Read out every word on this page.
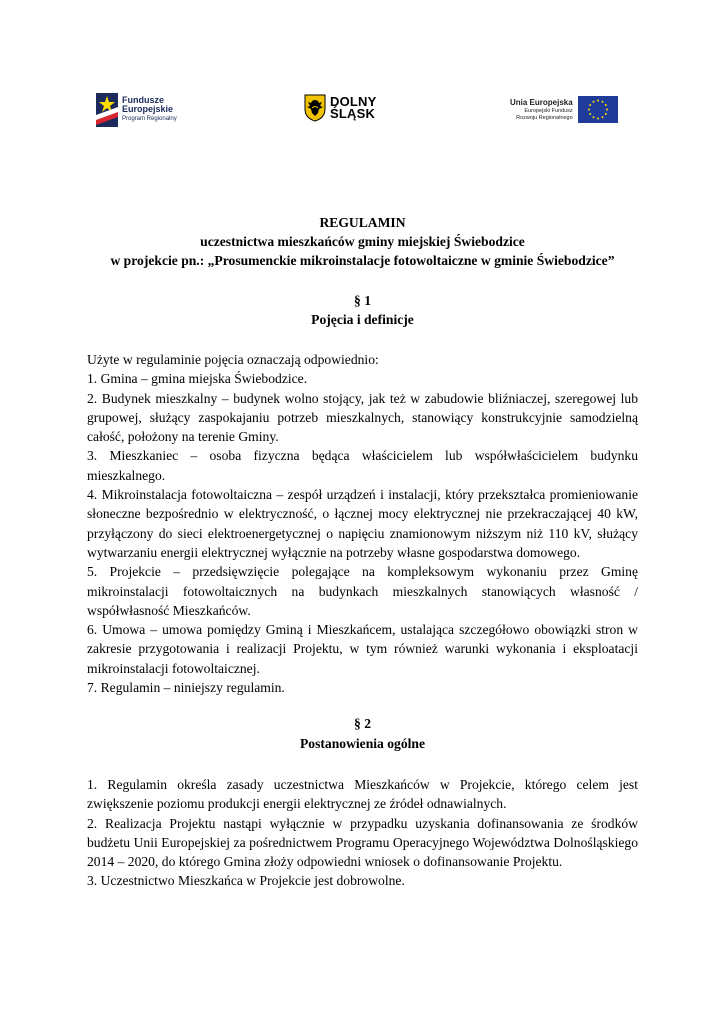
Fundusze
Europejskie
Program Regionalny
DOLNY
ŚLĄSK
Unia Europejska
Europejski Fundusz
Rozwoju Regionalnego
REGULAMIN
uczestnictwa mieszkańców gminy miejskiej Świebodzice
w projekcie pn.: „Prosumenckie mikroinstalacje fotowoltaiczne w gminie Świebodzice”
§ 1
Pojęcia i definicje

Użyte w regulaminie pojęcia oznaczają odpowiednio:

1. Gmina – gmina miejska Świebodzice.

2. Budynek mieszkalny – budynek wolno stojący, jak też w zabudowie bliźniaczej, szeregowej lub grupowej, służący zaspokajaniu potrzeb mieszkalnych, stanowiący konstrukcyjnie samodzielną całość, położony na terenie Gminy.

3. Mieszkaniec – osoba fizyczna będąca właścicielem lub współwłaścicielem budynku mieszkalnego.

4. Mikroinstalacja fotowoltaiczna – zespół urządzeń i instalacji, który przekształca promieniowanie słoneczne bezpośrednio w elektryczność, o łącznej mocy elektrycznej nie przekraczającej 40 kW, przyłączony do sieci elektroenergetycznej o napięciu znamionowym niższym niż 110 kV, służący wytwarzaniu energii elektrycznej wyłącznie na potrzeby własne gospodarstwa domowego.

5. Projekcie – przedsięwzięcie polegające na kompleksowym wykonaniu przez Gminę mikroinstalacji fotowoltaicznych na budynkach mieszkalnych stanowiących własność / współwłasność Mieszkańców.

6. Umowa – umowa pomiędzy Gminą i Mieszkańcem, ustalająca szczegółowo obowiązki stron w zakresie przygotowania i realizacji Projektu, w tym również warunki wykonania i eksploatacji mikroinstalacji fotowoltaicznej.

7. Regulamin – niniejszy regulamin.

§ 2
Postanowienia ogólne

1. Regulamin określa zasady uczestnictwa Mieszkańców w Projekcie, którego celem jest zwiększenie poziomu produkcji energii elektrycznej ze źródeł odnawialnych.

2. Realizacja Projektu nastąpi wyłącznie w przypadku uzyskania dofinansowania ze środków budżetu Unii Europejskiej za pośrednictwem Programu Operacyjnego Województwa Dolnośląskiego 2014 – 2020, do którego Gmina złoży odpowiedni wniosek o dofinansowanie Projektu.

3. Uczestnictwo Mieszkańca w Projekcie jest dobrowolne.
